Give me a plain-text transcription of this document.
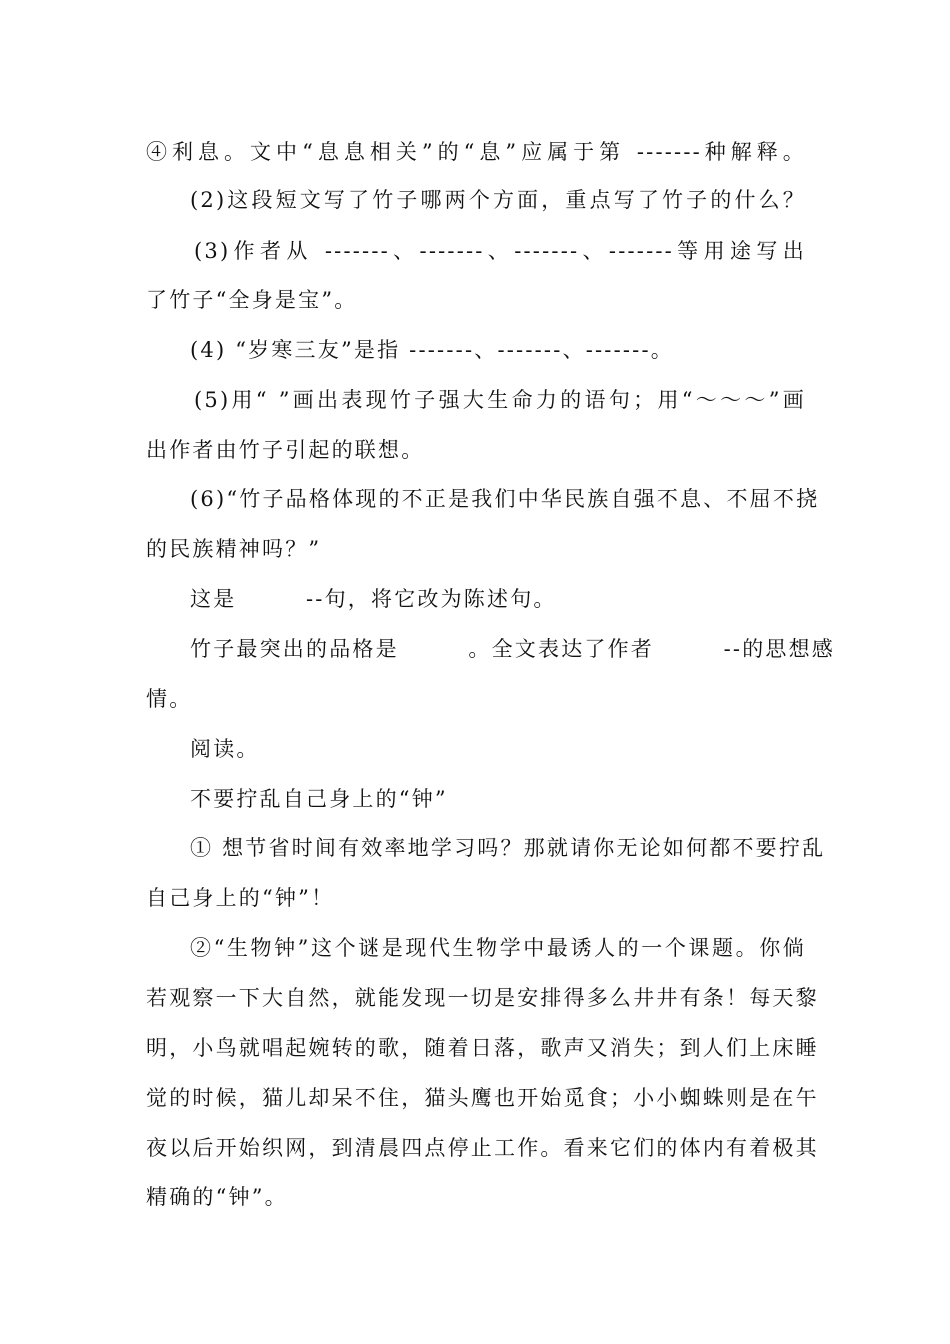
④利息。文中“息息相关”的“息”应属于第 -------种解释。
(2)这段短文写了竹子哪两个方面，重点写了竹子的什么？
(3)作者从 -------、-------、-------、-------等用途写出
了竹子“全身是宝”。
(4) “岁寒三友”是指 -------、-------、-------。
(5)用“ ”画出表现竹子强大生命力的语句；用“～～～”画
出作者由竹子引起的联想。
(6)“竹子品格体现的不正是我们中华民族自强不息、不屈不挠
的民族精神吗？”
这是　　　--句，将它改为陈述句。
竹子最突出的品格是　　　。全文表达了作者　　　--的思想感
情。
阅读。
不要拧乱自己身上的“钟”
① 想节省时间有效率地学习吗？那就请你无论如何都不要拧乱
自己身上的“钟”！
②“生物钟”这个谜是现代生物学中最诱人的一个课题。你倘
若观察一下大自然，就能发现一切是安排得多么井井有条！每天黎
明，小鸟就唱起婉转的歌，随着日落，歌声又消失；到人们上床睡
觉的时候，猫儿却呆不住，猫头鹰也开始觅食；小小蜘蛛则是在午
夜以后开始织网，到清晨四点停止工作。看来它们的体内有着极其
精确的“钟”。
